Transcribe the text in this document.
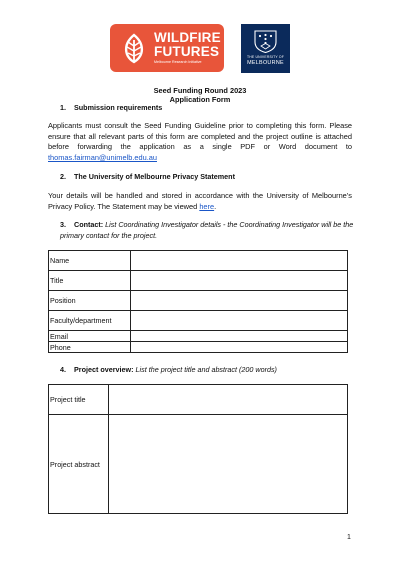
WILDFIRE
FUTURES
Melbourne Research Initiative
THE UNIVERSITY OF
MELBOURNE
Seed Funding Round 2023
Application Form
1. Submission requirements
Applicants must consult the Seed Funding Guideline prior to completing this form. Please ensure that all relevant parts of this form are completed and the project outline is attached before forwarding the application as a single PDF or Word document to thomas.fairman@unimelb.edu.au
2. The University of Melbourne Privacy Statement
Your details will be handled and stored in accordance with the University of Melbourne’s Privacy Policy. The Statement may be viewed here.
3. Contact: List Coordinating Investigator details - the Coordinating Investigator will be the primary contact for the project.
Name	
Title	
Position	
Faculty/department	
Email	
Phone	
4. Project overview: List the project title and abstract (200 words)
Project title	
Project abstract	
1
